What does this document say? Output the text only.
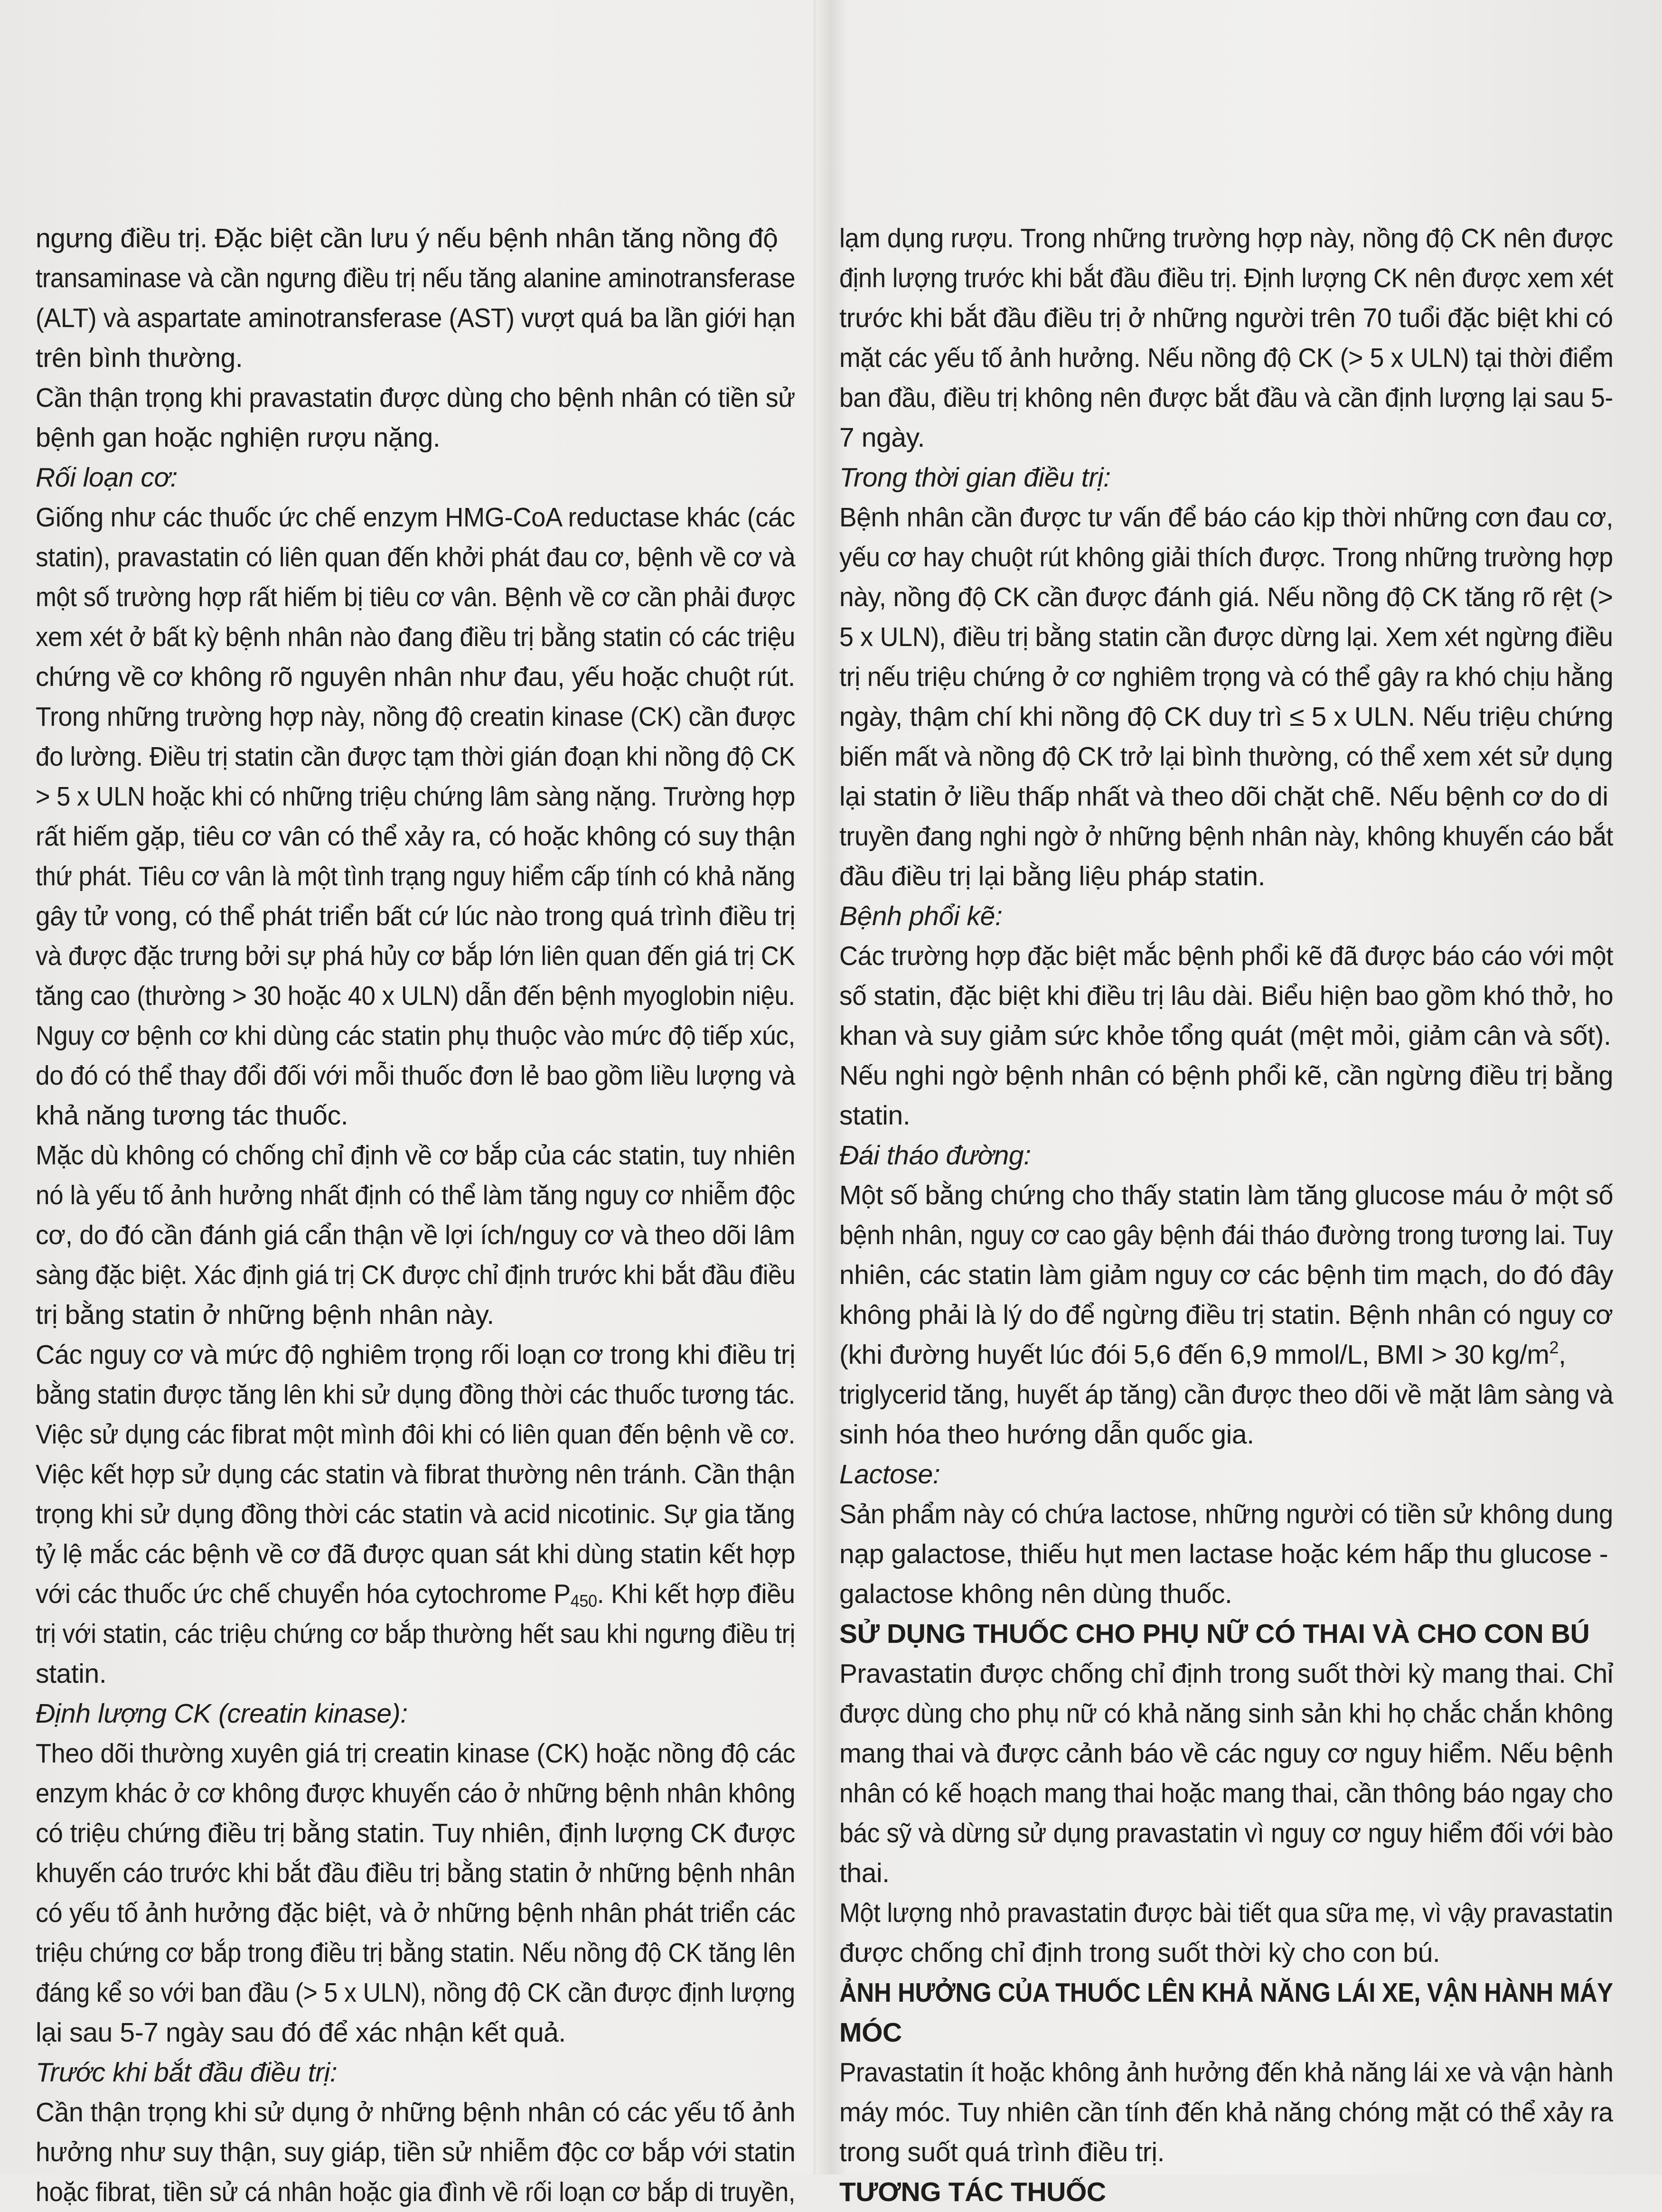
ngưng điều trị. Đặc biệt cần lưu ý nếu bệnh nhân tăng nồng độ
transaminase và cần ngưng điều trị nếu tăng alanine aminotransferase
(ALT) và aspartate aminotransferase (AST) vượt quá ba lần giới hạn
trên bình thường.
Cần thận trọng khi pravastatin được dùng cho bệnh nhân có tiền sử
bệnh gan hoặc nghiện rượu nặng.
Rối loạn cơ:
Giống như các thuốc ức chế enzym HMG-CoA reductase khác (các
statin), pravastatin có liên quan đến khởi phát đau cơ, bệnh về cơ và
một số trường hợp rất hiếm bị tiêu cơ vân. Bệnh về cơ cần phải được
xem xét ở bất kỳ bệnh nhân nào đang điều trị bằng statin có các triệu
chứng về cơ không rõ nguyên nhân như đau, yếu hoặc chuột rút.
Trong những trường hợp này, nồng độ creatin kinase (CK) cần được
đo lường. Điều trị statin cần được tạm thời gián đoạn khi nồng độ CK
> 5 x ULN hoặc khi có những triệu chứng lâm sàng nặng. Trường hợp
rất hiếm gặp, tiêu cơ vân có thể xảy ra, có hoặc không có suy thận
thứ phát. Tiêu cơ vân là một tình trạng nguy hiểm cấp tính có khả năng
gây tử vong, có thể phát triển bất cứ lúc nào trong quá trình điều trị
và được đặc trưng bởi sự phá hủy cơ bắp lớn liên quan đến giá trị CK
tăng cao (thường > 30 hoặc 40 x ULN) dẫn đến bệnh myoglobin niệu.
Nguy cơ bệnh cơ khi dùng các statin phụ thuộc vào mức độ tiếp xúc,
do đó có thể thay đổi đối với mỗi thuốc đơn lẻ bao gồm liều lượng và
khả năng tương tác thuốc.
Mặc dù không có chống chỉ định về cơ bắp của các statin, tuy nhiên
nó là yếu tố ảnh hưởng nhất định có thể làm tăng nguy cơ nhiễm độc
cơ, do đó cần đánh giá cẩn thận về lợi ích/nguy cơ và theo dõi lâm
sàng đặc biệt. Xác định giá trị CK được chỉ định trước khi bắt đầu điều
trị bằng statin ở những bệnh nhân này.
Các nguy cơ và mức độ nghiêm trọng rối loạn cơ trong khi điều trị
bằng statin được tăng lên khi sử dụng đồng thời các thuốc tương tác.
Việc sử dụng các fibrat một mình đôi khi có liên quan đến bệnh về cơ.
Việc kết hợp sử dụng các statin và fibrat thường nên tránh. Cần thận
trọng khi sử dụng đồng thời các statin và acid nicotinic. Sự gia tăng
tỷ lệ mắc các bệnh về cơ đã được quan sát khi dùng statin kết hợp
với các thuốc ức chế chuyển hóa cytochrome $P_{450}$. Khi kết hợp điều
trị với statin, các triệu chứng cơ bắp thường hết sau khi ngưng điều trị
statin.
Định lượng CK (creatin kinase):
Theo dõi thường xuyên giá trị creatin kinase (CK) hoặc nồng độ các
enzym khác ở cơ không được khuyến cáo ở những bệnh nhân không
có triệu chứng điều trị bằng statin. Tuy nhiên, định lượng CK được
khuyến cáo trước khi bắt đầu điều trị bằng statin ở những bệnh nhân
có yếu tố ảnh hưởng đặc biệt, và ở những bệnh nhân phát triển các
triệu chứng cơ bắp trong điều trị bằng statin. Nếu nồng độ CK tăng lên
đáng kể so với ban đầu (> 5 x ULN), nồng độ CK cần được định lượng
lại sau 5-7 ngày sau đó để xác nhận kết quả.
Trước khi bắt đầu điều trị:
Cần thận trọng khi sử dụng ở những bệnh nhân có các yếu tố ảnh
hưởng như suy thận, suy giáp, tiền sử nhiễm độc cơ bắp với statin
hoặc fibrat, tiền sử cá nhân hoặc gia đình về rối loạn cơ bắp di truyền,
lạm dụng rượu. Trong những trường hợp này, nồng độ CK nên được
định lượng trước khi bắt đầu điều trị. Định lượng CK nên được xem xét
trước khi bắt đầu điều trị ở những người trên 70 tuổi đặc biệt khi có
mặt các yếu tố ảnh hưởng. Nếu nồng độ CK (> 5 x ULN) tại thời điểm
ban đầu, điều trị không nên được bắt đầu và cần định lượng lại sau 5-
7 ngày.
Trong thời gian điều trị:
Bệnh nhân cần được tư vấn để báo cáo kịp thời những cơn đau cơ,
yếu cơ hay chuột rút không giải thích được. Trong những trường hợp
này, nồng độ CK cần được đánh giá. Nếu nồng độ CK tăng rõ rệt (>
5 x ULN), điều trị bằng statin cần được dừng lại. Xem xét ngừng điều
trị nếu triệu chứng ở cơ nghiêm trọng và có thể gây ra khó chịu hằng
ngày, thậm chí khi nồng độ CK duy trì ≤ 5 x ULN. Nếu triệu chứng
biến mất và nồng độ CK trở lại bình thường, có thể xem xét sử dụng
lại statin ở liều thấp nhất và theo dõi chặt chẽ. Nếu bệnh cơ do di
truyền đang nghi ngờ ở những bệnh nhân này, không khuyến cáo bắt
đầu điều trị lại bằng liệu pháp statin.
Bệnh phổi kẽ:
Các trường hợp đặc biệt mắc bệnh phổi kẽ đã được báo cáo với một
số statin, đặc biệt khi điều trị lâu dài. Biểu hiện bao gồm khó thở, ho
khan và suy giảm sức khỏe tổng quát (mệt mỏi, giảm cân và sốt).
Nếu nghi ngờ bệnh nhân có bệnh phổi kẽ, cần ngừng điều trị bằng
statin.
Đái tháo đường:
Một số bằng chứng cho thấy statin làm tăng glucose máu ở một số
bệnh nhân, nguy cơ cao gây bệnh đái tháo đường trong tương lai. Tuy
nhiên, các statin làm giảm nguy cơ các bệnh tim mạch, do đó đây
không phải là lý do để ngừng điều trị statin. Bệnh nhân có nguy cơ
(khi đường huyết lúc đói 5,6 đến 6,9 mmol/L, BMI > 30 $kg/m^2$,
triglycerid tăng, huyết áp tăng) cần được theo dõi về mặt lâm sàng và
sinh hóa theo hướng dẫn quốc gia.
Lactose:
Sản phẩm này có chứa lactose, những người có tiền sử không dung
nạp galactose, thiếu hụt men lactase hoặc kém hấp thu glucose -
galactose không nên dùng thuốc.
SỬ DỤNG THUỐC CHO PHỤ NỮ CÓ THAI VÀ CHO CON BÚ
Pravastatin được chống chỉ định trong suốt thời kỳ mang thai. Chỉ
được dùng cho phụ nữ có khả năng sinh sản khi họ chắc chắn không
mang thai và được cảnh báo về các nguy cơ nguy hiểm. Nếu bệnh
nhân có kế hoạch mang thai hoặc mang thai, cần thông báo ngay cho
bác sỹ và dừng sử dụng pravastatin vì nguy cơ nguy hiểm đối với bào
thai.
Một lượng nhỏ pravastatin được bài tiết qua sữa mẹ, vì vậy pravastatin
được chống chỉ định trong suốt thời kỳ cho con bú.
ẢNH HƯỞNG CỦA THUỐC LÊN KHẢ NĂNG LÁI XE, VẬN HÀNH MÁY
MÓC
Pravastatin ít hoặc không ảnh hưởng đến khả năng lái xe và vận hành
máy móc. Tuy nhiên cần tính đến khả năng chóng mặt có thể xảy ra
trong suốt quá trình điều trị.
TƯƠNG TÁC THUỐC
